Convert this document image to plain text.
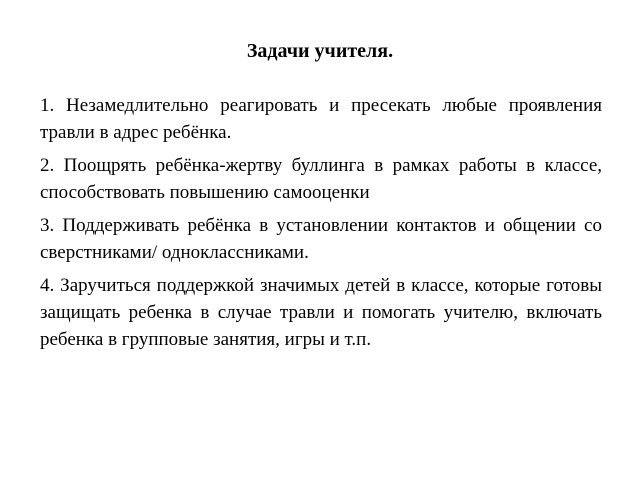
Задачи учителя.

1. Незамедлительно реагировать и пресекать любые проявления травли в адрес ребёнка.

2. Поощрять ребёнка-жертву буллинга в рамках работы в классе, способствовать повышению самооценки

3. Поддерживать ребёнка в установлении контактов и общении со сверстниками/ одноклассниками.

4. Заручиться поддержкой значимых детей в классе, которые готовы защищать ребенка в случае травли и помогать учителю, включать ребенка в групповые занятия, игры и т.п.
